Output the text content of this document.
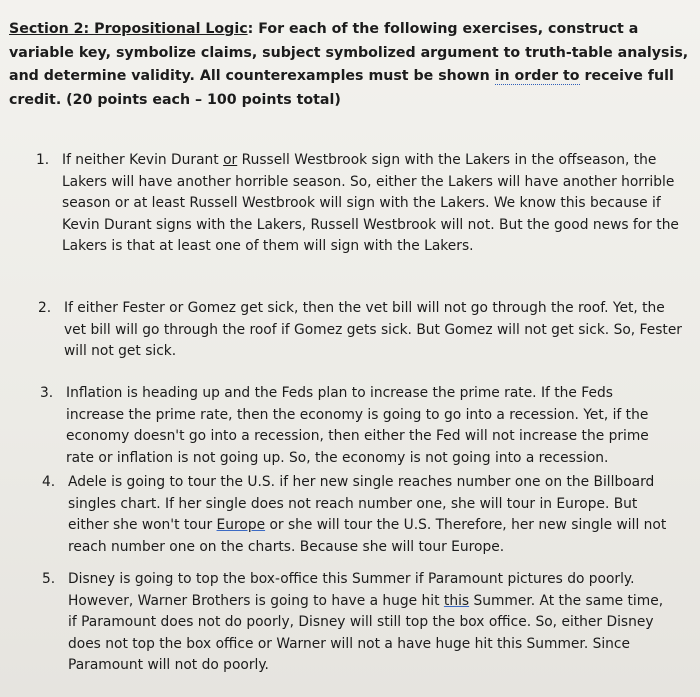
Section 2: Propositional Logic: For each of the following exercises, construct a variable key, symbolize claims, subject symbolized argument to truth-table analysis, and determine validity. All counterexamples must be shown in order to receive full credit. (20 points each – 100 points total)
1. If neither Kevin Durant or Russell Westbrook sign with the Lakers in the offseason, the Lakers will have another horrible season. So, either the Lakers will have another horrible season or at least Russell Westbrook will sign with the Lakers. We know this because if Kevin Durant signs with the Lakers, Russell Westbrook will not. But the good news for the Lakers is that at least one of them will sign with the Lakers.
2. If either Fester or Gomez get sick, then the vet bill will not go through the roof. Yet, the vet bill will go through the roof if Gomez gets sick. But Gomez will not get sick. So, Fester will not get sick.
3. Inflation is heading up and the Feds plan to increase the prime rate. If the Feds increase the prime rate, then the economy is going to go into a recession. Yet, if the economy doesn't go into a recession, then either the Fed will not increase the prime rate or inflation is not going up. So, the economy is not going into a recession.
4. Adele is going to tour the U.S. if her new single reaches number one on the Billboard singles chart. If her single does not reach number one, she will tour in Europe. But either she won't tour Europe or she will tour the U.S. Therefore, her new single will not reach number one on the charts. Because she will tour Europe.
5. Disney is going to top the box-office this Summer if Paramount pictures do poorly. However, Warner Brothers is going to have a huge hit this Summer. At the same time, if Paramount does not do poorly, Disney will still top the box office. So, either Disney does not top the box office or Warner will not a have huge hit this Summer. Since Paramount will not do poorly.
